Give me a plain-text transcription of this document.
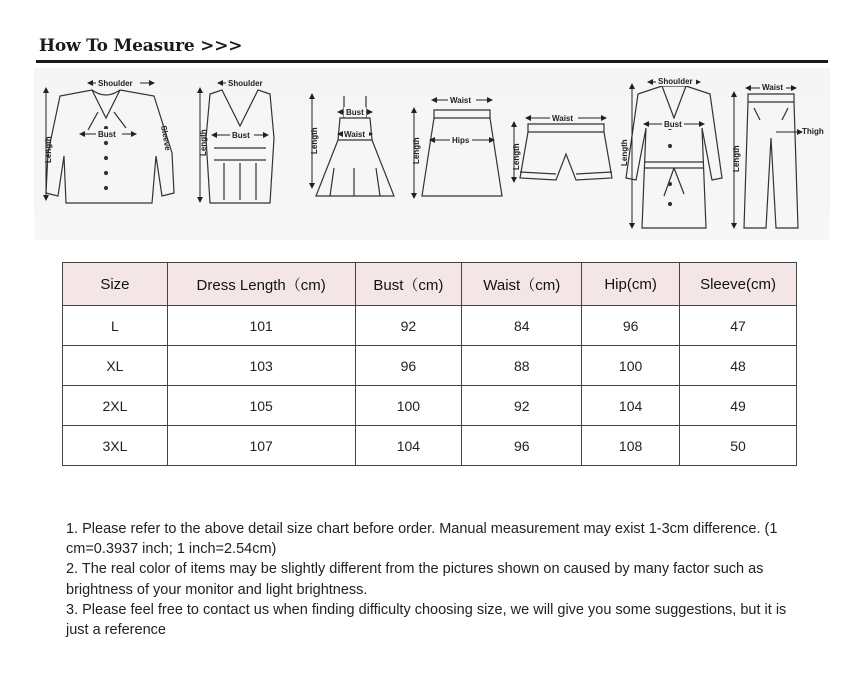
How To Measure >>>
Shoulder
Bust
Length	Sleeve
Shoulder
Bust
Length
Bust
Waist
Length
Waist
Hips
Length
Waist
Length
Shoulder
Bust
Length
Waist
Thigh
Length
Size	Dress Length（cm)	Bust（cm)	Waist（cm)	Hip(cm)	Sleeve(cm)
L	101	92	84	96	47
XL	103	96	88	100	48
2XL	105	100	92	104	49
3XL	107	104	96	108	50

1. Please refer to the above detail size chart before order. Manual measurement may exist 1-3cm difference. (1 cm=0.3937 inch; 1 inch=2.54cm)

2. The real color of items may be slightly different from the pictures shown on caused by many factor such as brightness of your monitor and light brightness.

3. Please feel free to contact us when finding difficulty choosing size, we will give you some suggestions, but it is just a reference
